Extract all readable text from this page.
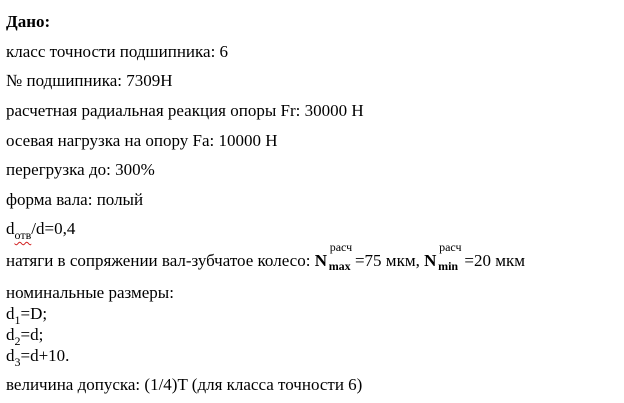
Дано:
класс точности подшипника: 6
№ подшипника: 7309Н
расчетная радиальная реакция опоры Fr: 30000 Н
осевая нагрузка на опору Fa: 10000 Н
перегрузка до: 300%
форма вала: полый
$d_{отв}/d=0,4$
натяги в сопряжении вал-зубчатое колесо: N
расч
max =75 мкм, N
расч
min =20 мкм
номинальные размеры:
$d_1=D$;
$d_2=d$;
$d_3=d+10$.
величина допуска: (1/4)T (для класса точности 6)
